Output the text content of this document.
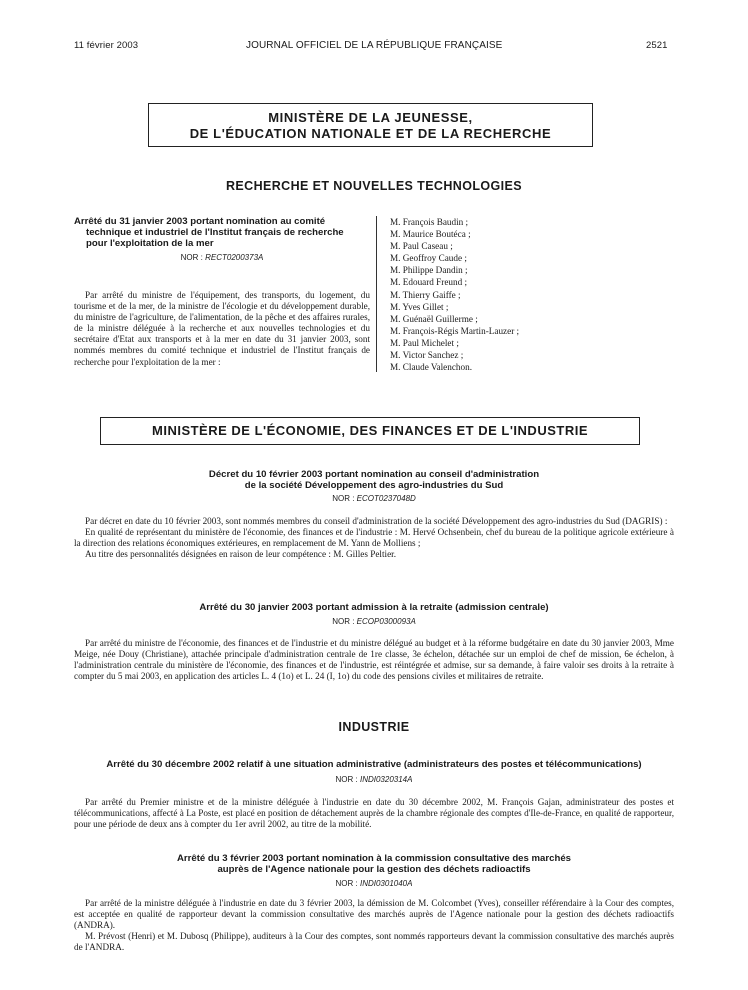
11 février 2003	JOURNAL OFFICIEL DE LA RÉPUBLIQUE FRANÇAISE	2521
MINISTÈRE DE LA JEUNESSE,
DE L'ÉDUCATION NATIONALE ET DE LA RECHERCHE
RECHERCHE ET NOUVELLES TECHNOLOGIES
Arrêté du 31 janvier 2003 portant nomination au comité
technique et industriel de l'Institut français de recherche
pour l'exploitation de la mer
NOR : RECT0200373A

Par arrêté du ministre de l'équipement, des transports, du logement, du tourisme et de la mer, de la ministre de l'écologie et du développement durable, du ministre de l'agriculture, de l'alimentation, de la pêche et des affaires rurales, de la ministre déléguée à la recherche et aux nouvelles technologies et du secrétaire d'Etat aux transports et à la mer en date du 31 janvier 2003, sont nommés membres du comité technique et industriel de l'Institut français de recherche pour l'exploitation de la mer :

M. François Baudin ;
M. Maurice Boutéca ;
M. Paul Caseau ;
M. Geoffroy Caude ;
M. Philippe Dandin ;
M. Edouard Freund ;
M. Thierry Gaiffe ;
M. Yves Gillet ;
M. Guénaël Guillerme ;
M. François-Régis Martin-Lauzer ;
M. Paul Michelet ;
M. Victor Sanchez ;
M. Claude Valenchon.
MINISTÈRE DE L'ÉCONOMIE, DES FINANCES ET DE L'INDUSTRIE
Décret du 10 février 2003 portant nomination au conseil d'administration
de la société Développement des agro-industries du Sud
NOR : ECOT0237048D

Par décret en date du 10 février 2003, sont nommés membres du conseil d'administration de la société Développement des agro-industries du Sud (DAGRIS) :

En qualité de représentant du ministère de l'économie, des finances et de l'industrie : M. Hervé Ochsenbein, chef du bureau de la politique agricole extérieure à la direction des relations économiques extérieures, en remplacement de M. Yann de Molliens ;

Au titre des personnalités désignées en raison de leur compétence : M. Gilles Peltier.

Arrêté du 30 janvier 2003 portant admission à la retraite (admission centrale)
NOR : ECOP0300093A

Par arrêté du ministre de l'économie, des finances et de l'industrie et du ministre délégué au budget et à la réforme budgétaire en date du 30 janvier 2003, Mme Meige, née Douy (Christiane), attachée principale d'administration centrale de 1re classe, 3e échelon, détachée sur un emploi de chef de mission, 6e échelon, à l'administration centrale du ministère de l'économie, des finances et de l'industrie, est réintégrée et admise, sur sa demande, à faire valoir ses droits à la retraite à compter du 5 mai 2003, en application des articles L. 4 (1o) et L. 24 (I, 1o) du code des pensions civiles et militaires de retraite.

INDUSTRIE
Arrêté du 30 décembre 2002 relatif à une situation administrative (administrateurs des postes et télécommunications)
NOR : INDI0320314A

Par arrêté du Premier ministre et de la ministre déléguée à l'industrie en date du 30 décembre 2002, M. François Gajan, administrateur des postes et télécommunications, affecté à La Poste, est placé en position de détachement auprès de la chambre régionale des comptes d'Ile-de-France, en qualité de rapporteur, pour une période de deux ans à compter du 1er avril 2002, au titre de la mobilité.

Arrêté du 3 février 2003 portant nomination à la commission consultative des marchés
auprès de l'Agence nationale pour la gestion des déchets radioactifs
NOR : INDI0301040A

Par arrêté de la ministre déléguée à l'industrie en date du 3 février 2003, la démission de M. Colcombet (Yves), conseiller référendaire à la Cour des comptes, est acceptée en qualité de rapporteur devant la commission consultative des marchés auprès de l'Agence nationale pour la gestion des déchets radioactifs (ANDRA).

M. Prévost (Henri) et M. Dubosq (Philippe), auditeurs à la Cour des comptes, sont nommés rapporteurs devant la commission consultative des marchés auprès de l'ANDRA.
